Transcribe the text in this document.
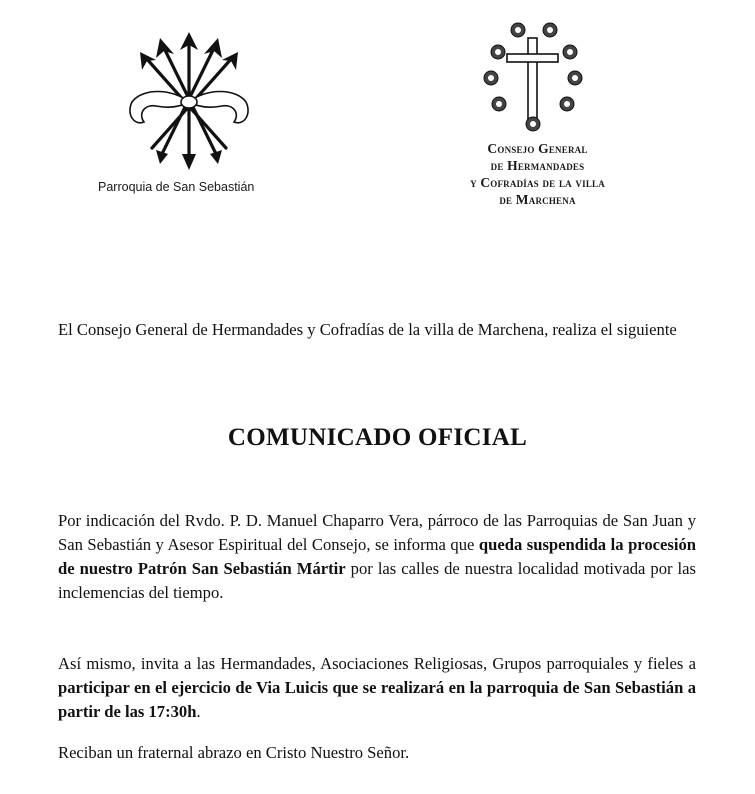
Parroquia de San Sebastián
Consejo General
de Hermandades
y Cofradías de la villa
de Marchena

El Consejo General de Hermandades y Cofradías de la villa de Marchena, realiza el siguiente

COMUNICADO OFICIAL

Por indicación del Rvdo. P. D. Manuel Chaparro Vera, párroco de las Parroquias de San Juan y San Sebastián y Asesor Espiritual del Consejo, se informa que queda suspendida la procesión de nuestro Patrón San Sebastián Mártir por las calles de nuestra localidad motivada por las inclemencias del tiempo.

Así mismo, invita a las Hermandades, Asociaciones Religiosas, Grupos parroquiales y fieles a participar en el ejercicio de Via Luicis que se realizará en la parroquia de San Sebastián a partir de las 17:30h.

Reciban un fraternal abrazo en Cristo Nuestro Señor.
